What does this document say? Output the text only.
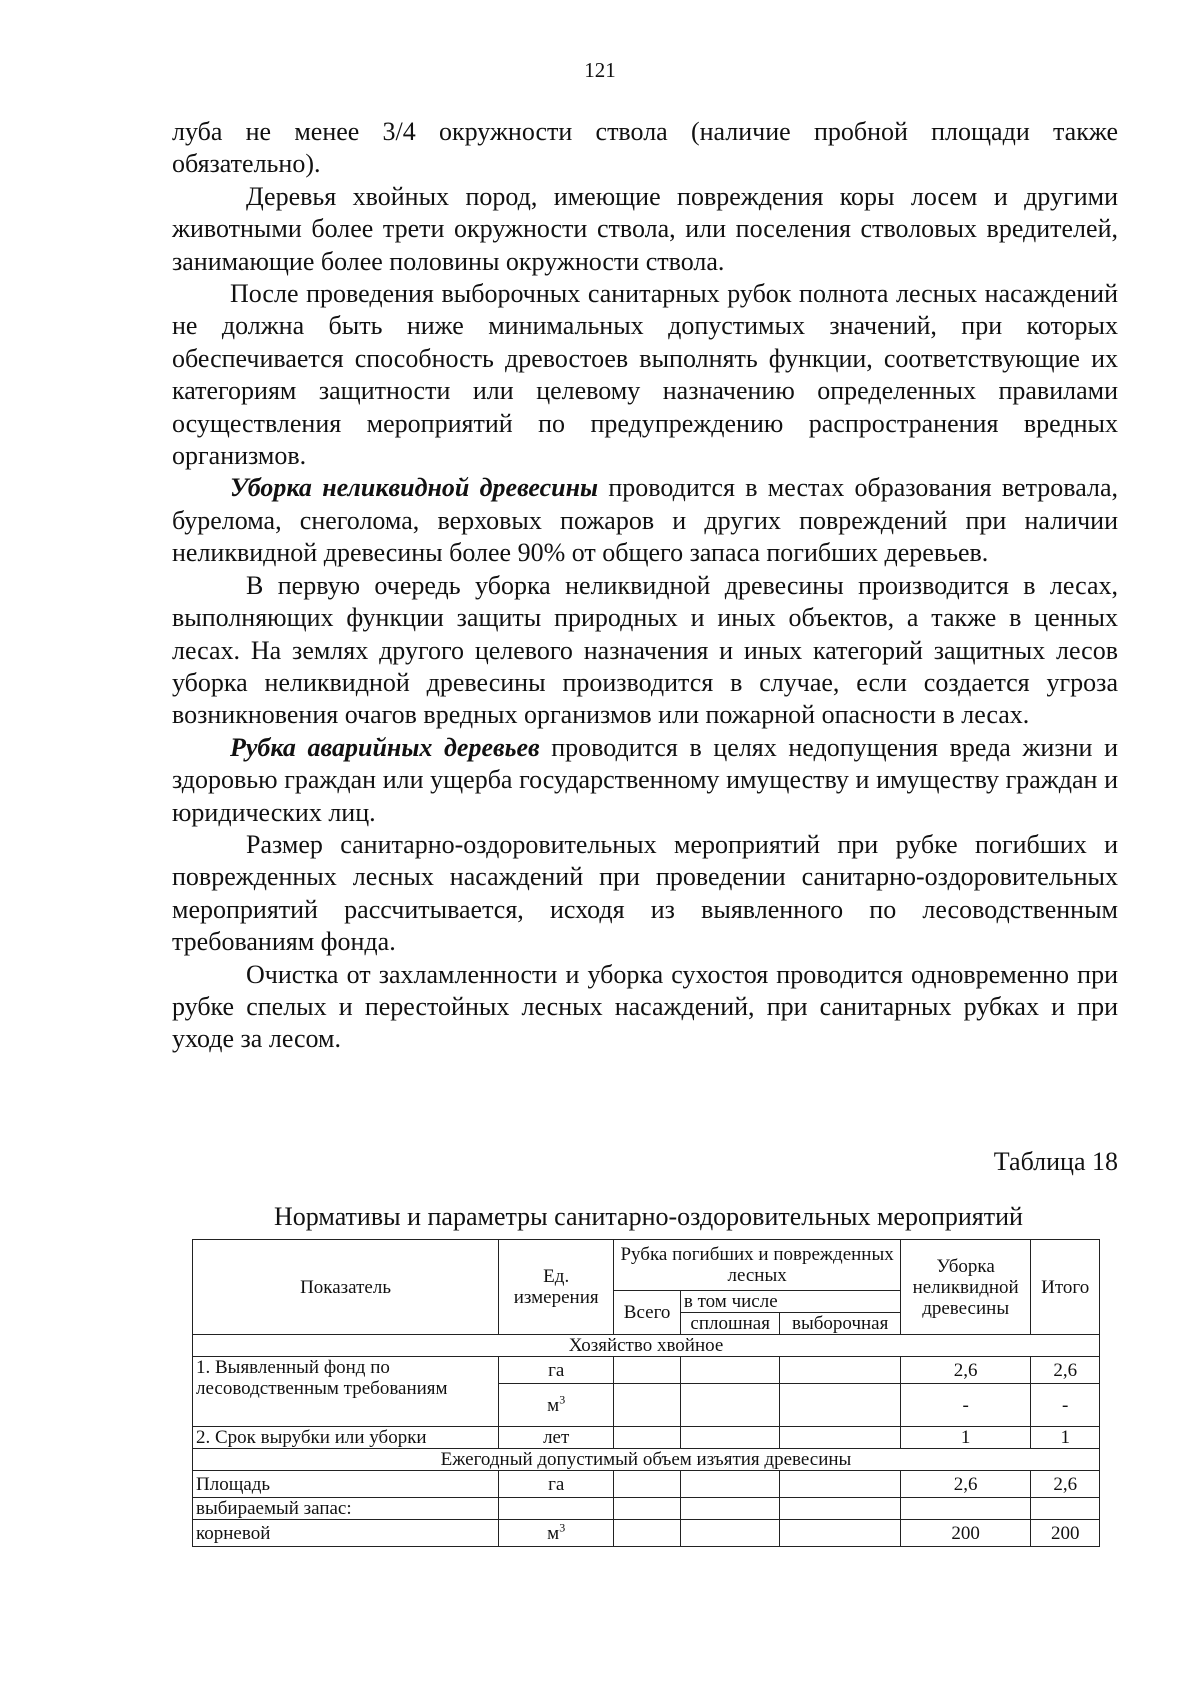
121

луба не менее 3/4 окружности ствола (наличие пробной площади также обязательно).

Деревья хвойных пород, имеющие повреждения коры лосем и другими животными более трети окружности ствола, или поселения стволовых вредителей, занимающие более половины окружности ствола.

После проведения выборочных санитарных рубок полнота лесных насаждений не должна быть ниже минимальных допустимых значений, при которых обеспечивается способность древостоев выполнять функции, соответствующие их категориям защитности или целевому назначению определенных правилами осуществления мероприятий по предупреждению распространения вредных организмов.

Уборка неликвидной древесины проводится в местах образования ветровала, бурелома, снеголома, верховых пожаров и других повреждений при наличии неликвидной древесины более 90% от общего запаса погибших деревьев.

В первую очередь уборка неликвидной древесины производится в лесах, выполняющих функции защиты природных и иных объектов, а также в ценных лесах. На землях другого целевого назначения и иных категорий защитных лесов уборка неликвидной древесины производится в случае, если создается угроза возникновения очагов вредных организмов или пожарной опасности в лесах.

Рубка аварийных деревьев проводится в целях недопущения вреда жизни и здоровью граждан или ущерба государственному имуществу и имуществу граждан и юридических лиц.

Размер санитарно-оздоровительных мероприятий при рубке погибших и поврежденных лесных насаждений при проведении санитарно-оздоровительных мероприятий рассчитывается, исходя из выявленного по лесоводственным требованиям фонда.

Очистка от захламленности и уборка сухостоя проводится одновременно при рубке спелых и перестойных лесных насаждений, при санитарных рубках и при уходе за лесом.

Таблица 18
Нормативы и параметры санитарно-оздоровительных мероприятий
Показатель	Ед. измерения	Рубка погибших и поврежденных лесных			Уборка неликвидной древесины	Итого
		Всего	в том числе			
			сплошная	выборочная		
Хозяйство хвойное						
1. Выявленный фонд по лесоводственным требованиям	га				2,6	2,6
	$м^3$				-	-
2. Срок вырубки или уборки	лет				1	1
Ежегодный допустимый объем изъятия древесины						
Площадь	га				2,6	2,6
выбираемый запас:						
корневой	$м^3$				200	200
